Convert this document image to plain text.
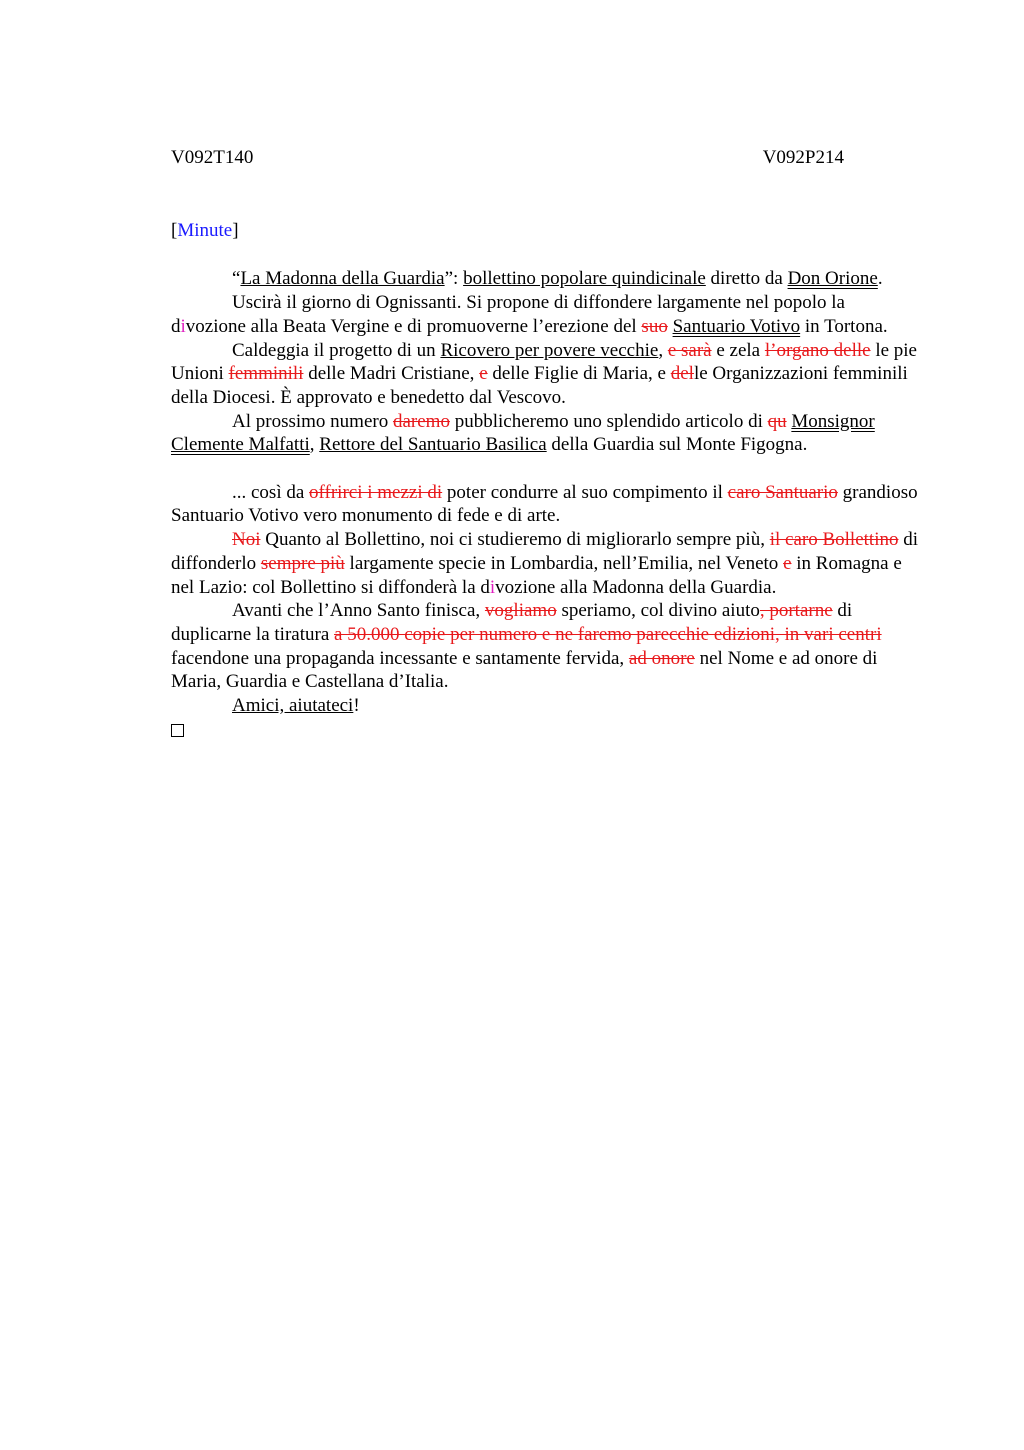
V092T140	V092P214
[Minute]

“La Madonna della Guardia”: bollettino popolare quindicinale diretto da Don Orione.

Uscirà il giorno di Ognissanti. Si propone di diffondere largamente nel popolo la divozione alla Beata Vergine e di promuoverne l’erezione del suo Santuario Votivo in Tortona.

Caldeggia il progetto di un Ricovero per povere vecchie, e sarà e zela l’organo delle le pie Unioni femminili delle Madri Cristiane, e delle Figlie di Maria, e delle Organizzazioni femminili della Diocesi. È approvato e benedetto dal Vescovo.

Al prossimo numero daremo pubblicheremo uno splendido articolo di qu Monsignor Clemente Malfatti, Rettore del Santuario Basilica della Guardia sul Monte Figogna.

... così da offrirci i mezzi di poter condurre al suo compimento il caro Santuario grandioso Santuario Votivo vero monumento di fede e di arte.

Noi Quanto al Bollettino, noi ci studieremo di migliorarlo sempre più, il caro Bollettino di diffonderlo sempre più largamente specie in Lombardia, nell’Emilia, nel Veneto e in Romagna e nel Lazio: col Bollettino si diffonderà la divozione alla Madonna della Guardia.

Avanti che l’Anno Santo finisca, vogliamo speriamo, col divino aiuto, portarne di duplicarne la tiratura a 50.000 copie per numero e ne faremo parecchie edizioni, in vari centri facendone una propaganda incessante e santamente fervida, ad onore nel Nome e ad onore di Maria, Guardia e Castellana d’Italia.

Amici, aiutateci!
